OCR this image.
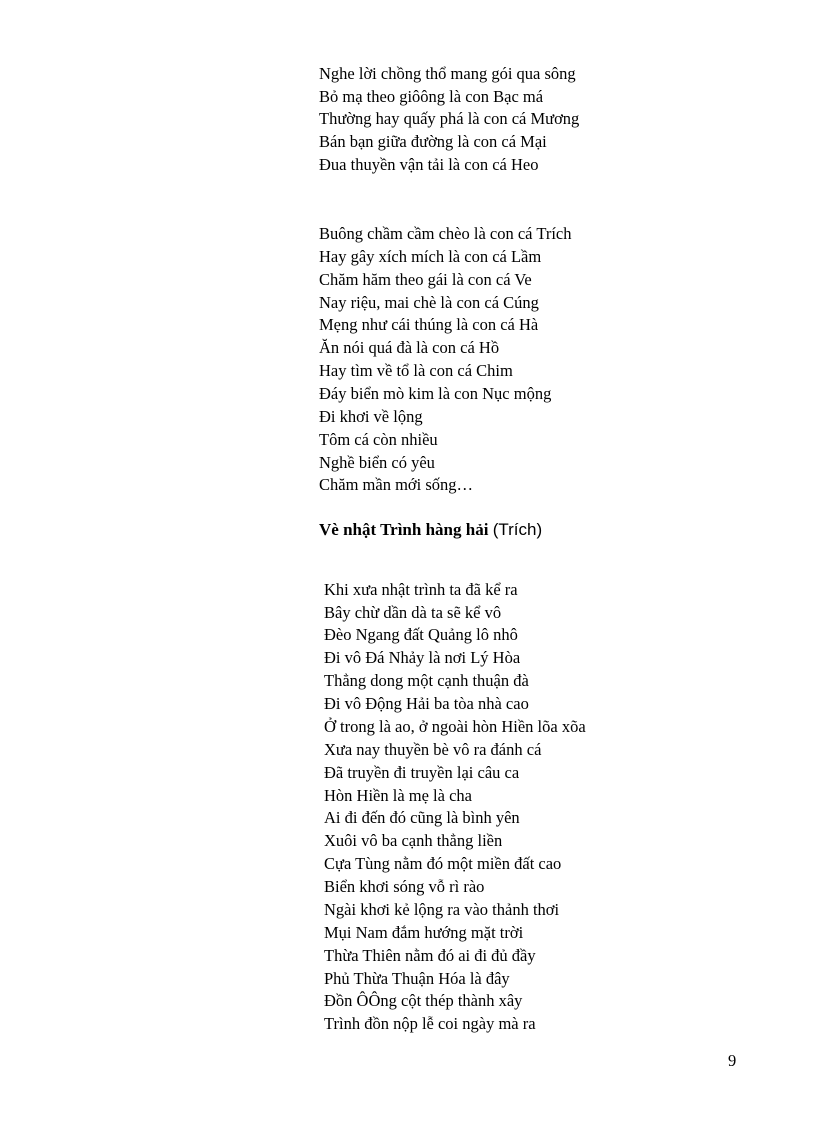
Nghe lời chồng thổ mang gói qua sông
Bỏ mạ theo giôông là con Bạc má
Thường hay quấy phá là con cá Mương
Bán bạn giữa đường là con cá Mại
Đua thuyền vận tải là con cá Heo
Buông chầm cầm chèo là con cá Trích
Hay gây xích mích là con cá Lầm
Chăm hăm theo gái là con cá Ve
Nay riệu, mai chè là con cá Cúng
Mẹng như cái thúng là con cá Hà
Ăn nói quá đà là con cá Hồ
Hay tìm về tổ là con cá Chim
Đáy biển mò kim là con Nục mộng
Đi khơi về lộng
Tôm cá còn nhiều
Nghề biển có yêu
Chăm mần mới sống…
Vè nhật Trình hàng hải (Trích)
Khi xưa nhật trình ta đã kể ra
Bây chừ dần dà ta sẽ kể vô
Đèo Ngang đất Quảng lô nhô
Đi vô Đá Nhảy là nơi Lý Hòa
Thẳng dong một cạnh thuận đà
Đi vô Động Hải ba tòa nhà cao
Ở trong là ao, ở ngoài hòn Hiền lõa xõa
Xưa nay thuyền bè vô ra đánh cá
Đã truyền đi truyền lại câu ca
Hòn Hiền là mẹ là cha
Ai đi đến đó cũng là bình yên
Xuôi vô ba cạnh thẳng liền
Cựa Tùng nằm đó một miền đất cao
Biển khơi sóng vỗ rì rào
Ngài khơi kẻ lộng ra vào thảnh thơi
Mụi Nam đắm hướng mặt trời
Thừa Thiên nằm đó ai đi đủ đầy
Phủ Thừa Thuận Hóa là đây
Đồn ÔÔng cột thép thành xây
Trình đồn nộp lễ coi ngày mà ra
9
